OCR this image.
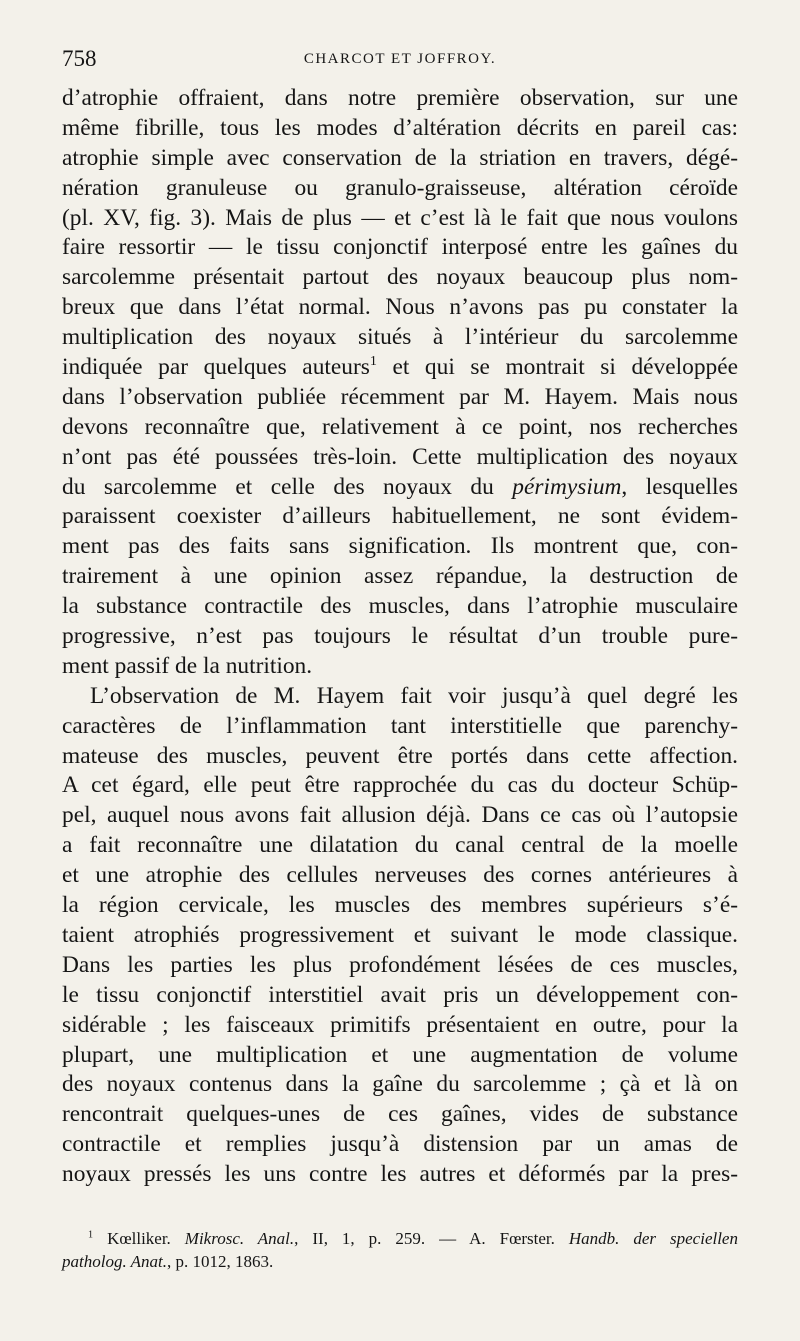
758	CHARCOT ET JOFFROY.
d’atrophie offraient, dans notre première observation, sur une
même fibrille, tous les modes d’altération décrits en pareil cas:
atrophie simple avec conservation de la striation en travers, dégé-
nération granuleuse ou granulo-graisseuse, altération céroïde
(pl. XV, fig. 3). Mais de plus — et c’est là le fait que nous voulons
faire ressortir — le tissu conjonctif interposé entre les gaînes du
sarcolemme présentait partout des noyaux beaucoup plus nom-
breux que dans l’état normal. Nous n’avons pas pu constater la
multiplication des noyaux situés à l’intérieur du sarcolemme
indiquée par quelques auteurs$^1$ et qui se montrait si développée
dans l’observation publiée récemment par M. Hayem. Mais nous
devons reconnaître que, relativement à ce point, nos recherches
n’ont pas été poussées très-loin. Cette multiplication des noyaux
du sarcolemme et celle des noyaux du périmysium, lesquelles
paraissent coexister d’ailleurs habituellement, ne sont évidem-
ment pas des faits sans signification. Ils montrent que, con-
trairement à une opinion assez répandue, la destruction de
la substance contractile des muscles, dans l’atrophie musculaire
progressive, n’est pas toujours le résultat d’un trouble pure-
ment passif de la nutrition.
L’observation de M. Hayem fait voir jusqu’à quel degré les
caractères de l’inflammation tant interstitielle que parenchy-
mateuse des muscles, peuvent être portés dans cette affection.
A cet égard, elle peut être rapprochée du cas du docteur Schüp-
pel, auquel nous avons fait allusion déjà. Dans ce cas où l’autopsie
a fait reconnaître une dilatation du canal central de la moelle
et une atrophie des cellules nerveuses des cornes antérieures à
la région cervicale, les muscles des membres supérieurs s’é-
taient atrophiés progressivement et suivant le mode classique.
Dans les parties les plus profondément lésées de ces muscles,
le tissu conjonctif interstitiel avait pris un développement con-
sidérable ; les faisceaux primitifs présentaient en outre, pour la
plupart, une multiplication et une augmentation de volume
des noyaux contenus dans la gaîne du sarcolemme ; çà et là on
rencontrait quelques-unes de ces gaînes, vides de substance
contractile et remplies jusqu’à distension par un amas de
noyaux pressés les uns contre les autres et déformés par la pres-
$^1$ Kœlliker. Mikrosc. Anal., II, 1, p. 259. — A. Fœrster. Handb. der speciellen
patholog. Anat., p. 1012, 1863.
